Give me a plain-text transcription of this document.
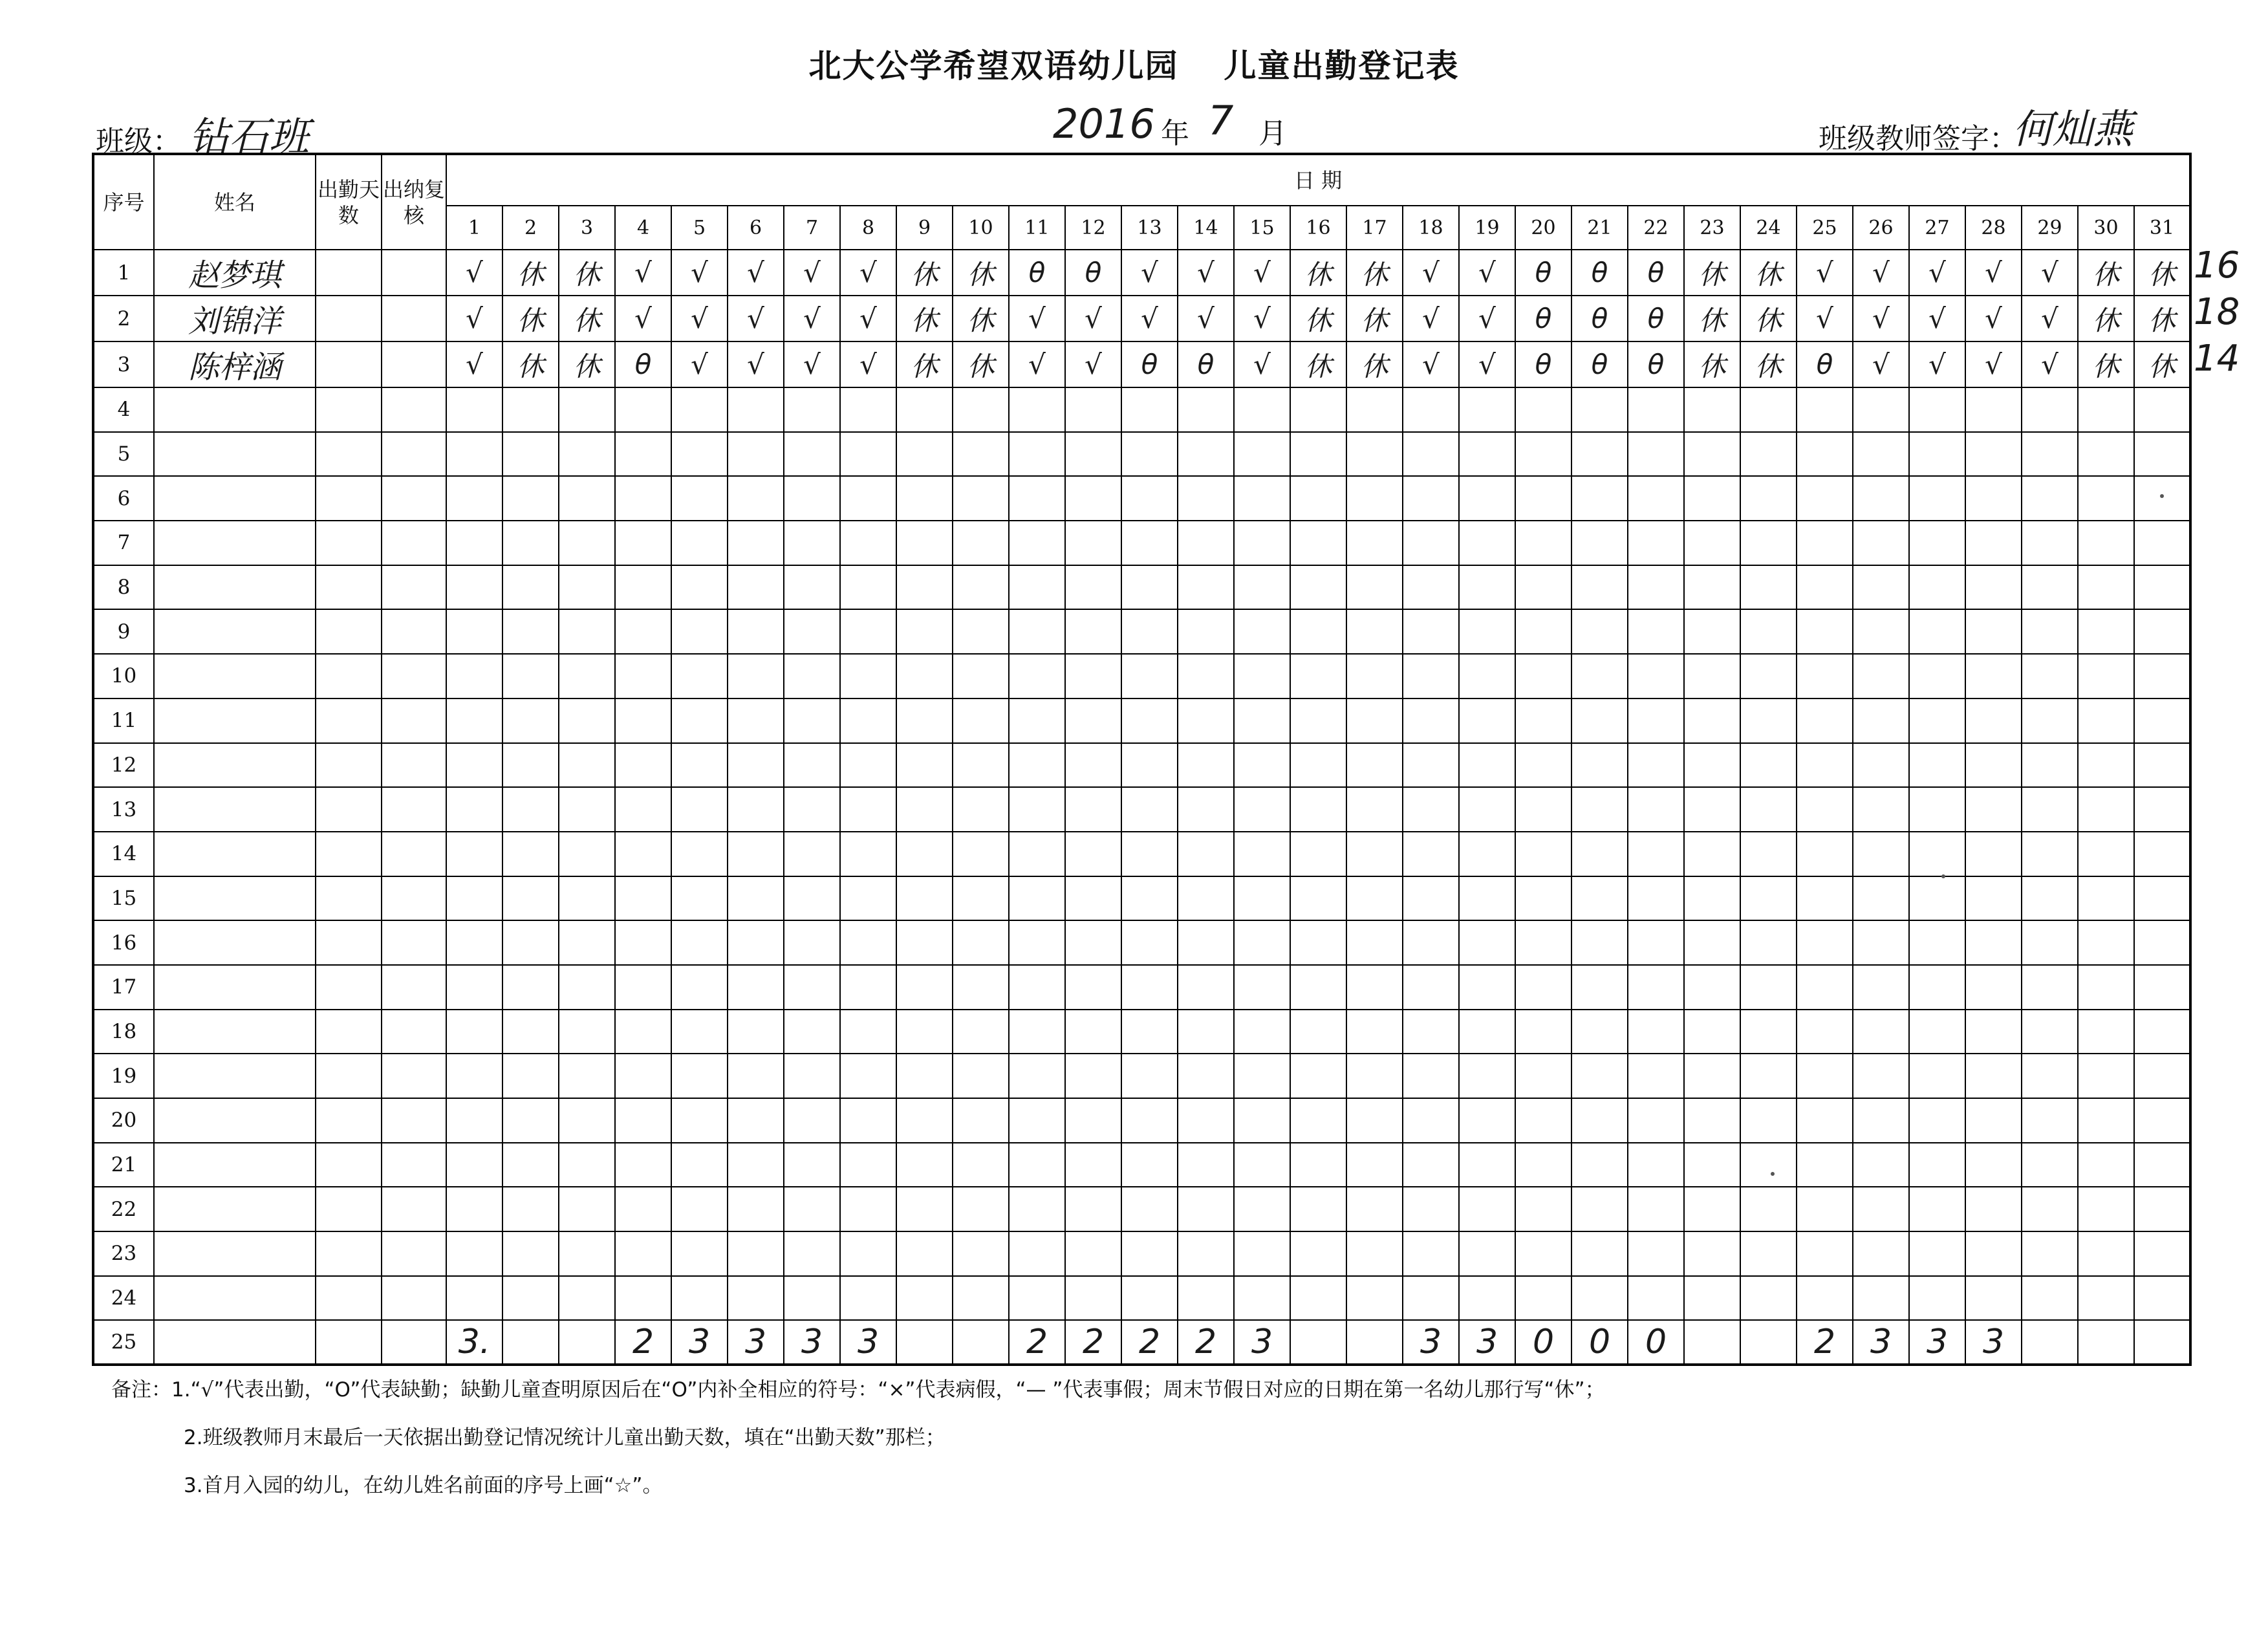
北大公学希望双语幼儿园 儿童出勤登记表
班级： 钻石班	2016 年 7 月	班级教师签字：
何灿燕
序号	姓名	出勤天数	出纳复核	日 期																														
				1	2	3	4	5	6	7	8	9	10	11	12	13	14	15	16	17	18	19	20	21	22	23	24	25	26	27	28	29	30	31
1	赵梦琪			√	休	休	√	√	√	√	√	休	休	θ	θ	√	√	√	休	休	√	√	θ	θ	θ	休	休	√	√	√	√	√	休	休
2	刘锦洋			√	休	休	√	√	√	√	√	休	休	√	√	√	√	√	休	休	√	√	θ	θ	θ	休	休	√	√	√	√	√	休	休
3	陈梓涵			√	休	休	θ	√	√	√	√	休	休	√	√	θ	θ	√	休	休	√	√	θ	θ	θ	休	休	θ	√	√	√	√	休	休
4																																		
5																																		
6																																		
7																																		
8																																		
9																																		
10																																		
11																																		
12																																		
13																																		
14																																		
15																																		
16																																		
17																																		
18																																		
19																																		
20																																		
21																																		
22																																		
23																																		
24																																		
25				3.			2	3	3	3	3			2	2	2	2	3			3	3	0	0	0			2	3	3	3			
16
18
14
备注：1.“√”代表出勤，“O”代表缺勤；缺勤儿童查明原因后在“O”内补全相应的符号：“×”代表病假，“— ”代表事假；周末节假日对应的日期在第一名幼儿那行写“休”；
2.班级教师月末最后一天依据出勤登记情况统计儿童出勤天数，填在“出勤天数”那栏；
3.首月入园的幼儿，在幼儿姓名前面的序号上画“☆”。
